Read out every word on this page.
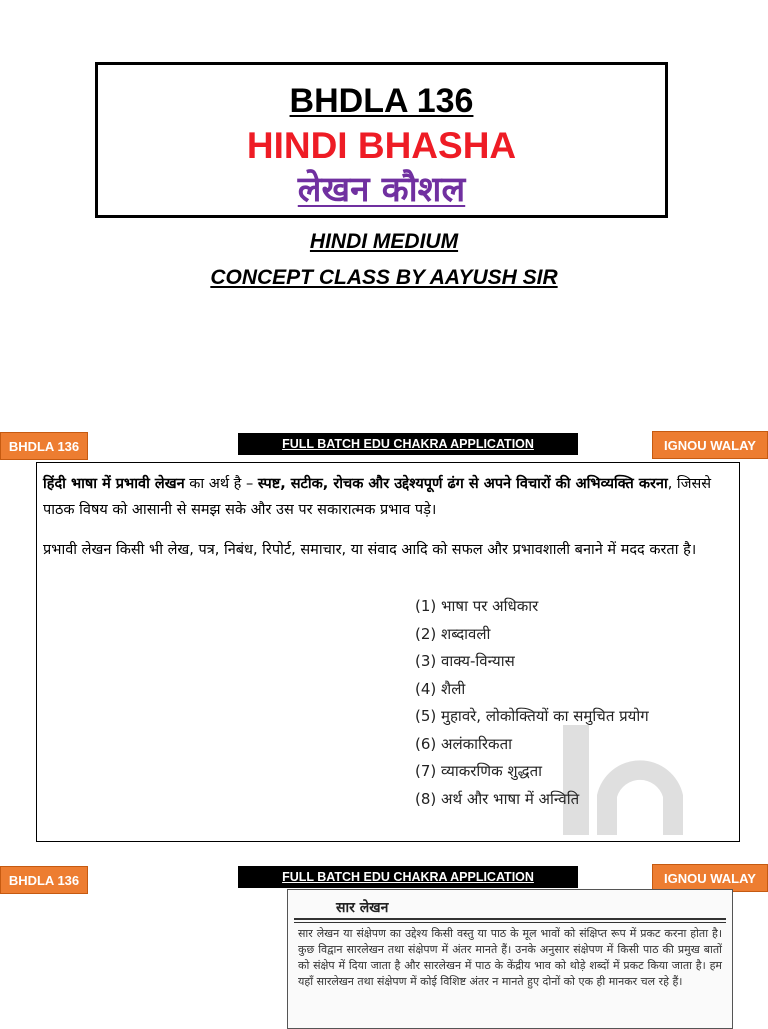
BHDLA 136
HINDI BHASHA
लेखन कौशल
HINDI MEDIUM
CONCEPT CLASS BY AAYUSH SIR
BHDLA 136	FULL BATCH EDU CHAKRA APPLICATION	IGNOU WALAY
हिंदी भाषा में प्रभावी लेखन का अर्थ है – स्पष्ट, सटीक, रोचक और उद्देश्यपूर्ण ढंग से अपने विचारों की अभिव्यक्ति करना, जिससे पाठक विषय को आसानी से समझ सके और उस पर सकारात्मक प्रभाव पड़े।
प्रभावी लेखन किसी भी लेख, पत्र, निबंध, रिपोर्ट, समाचार, या संवाद आदि को सफल और प्रभावशाली बनाने में मदद करता है।
(1) भाषा पर अधिकार
(2) शब्दावली
(3) वाक्य-विन्यास
(4) शैली
(5) मुहावरे, लोकोक्तियों का समुचित प्रयोग
(6) अलंकारिकता
(7) व्याकरणिक शुद्धता
(8) अर्थ और भाषा में अन्विति
BHDLA 136	FULL BATCH EDU CHAKRA APPLICATION	IGNOU WALAY
सार लेखन
सार लेखन या संक्षेपण का उद्देश्य किसी वस्तु या पाठ के मूल भावों को संक्षिप्त रूप में प्रकट करना होता है। कुछ विद्वान सारलेखन तथा संक्षेपण में अंतर मानते हैं। उनके अनुसार संक्षेपण में किसी पाठ की प्रमुख बातों को संक्षेप में दिया जाता है और सारलेखन में पाठ के केंद्रीय भाव को थोड़े शब्दों में प्रकट किया जाता है। हम यहाँ सारलेखन तथा संक्षेपण में कोई विशिष्ट अंतर न मानते हुए दोनों को एक ही मानकर चल रहे हैं।
